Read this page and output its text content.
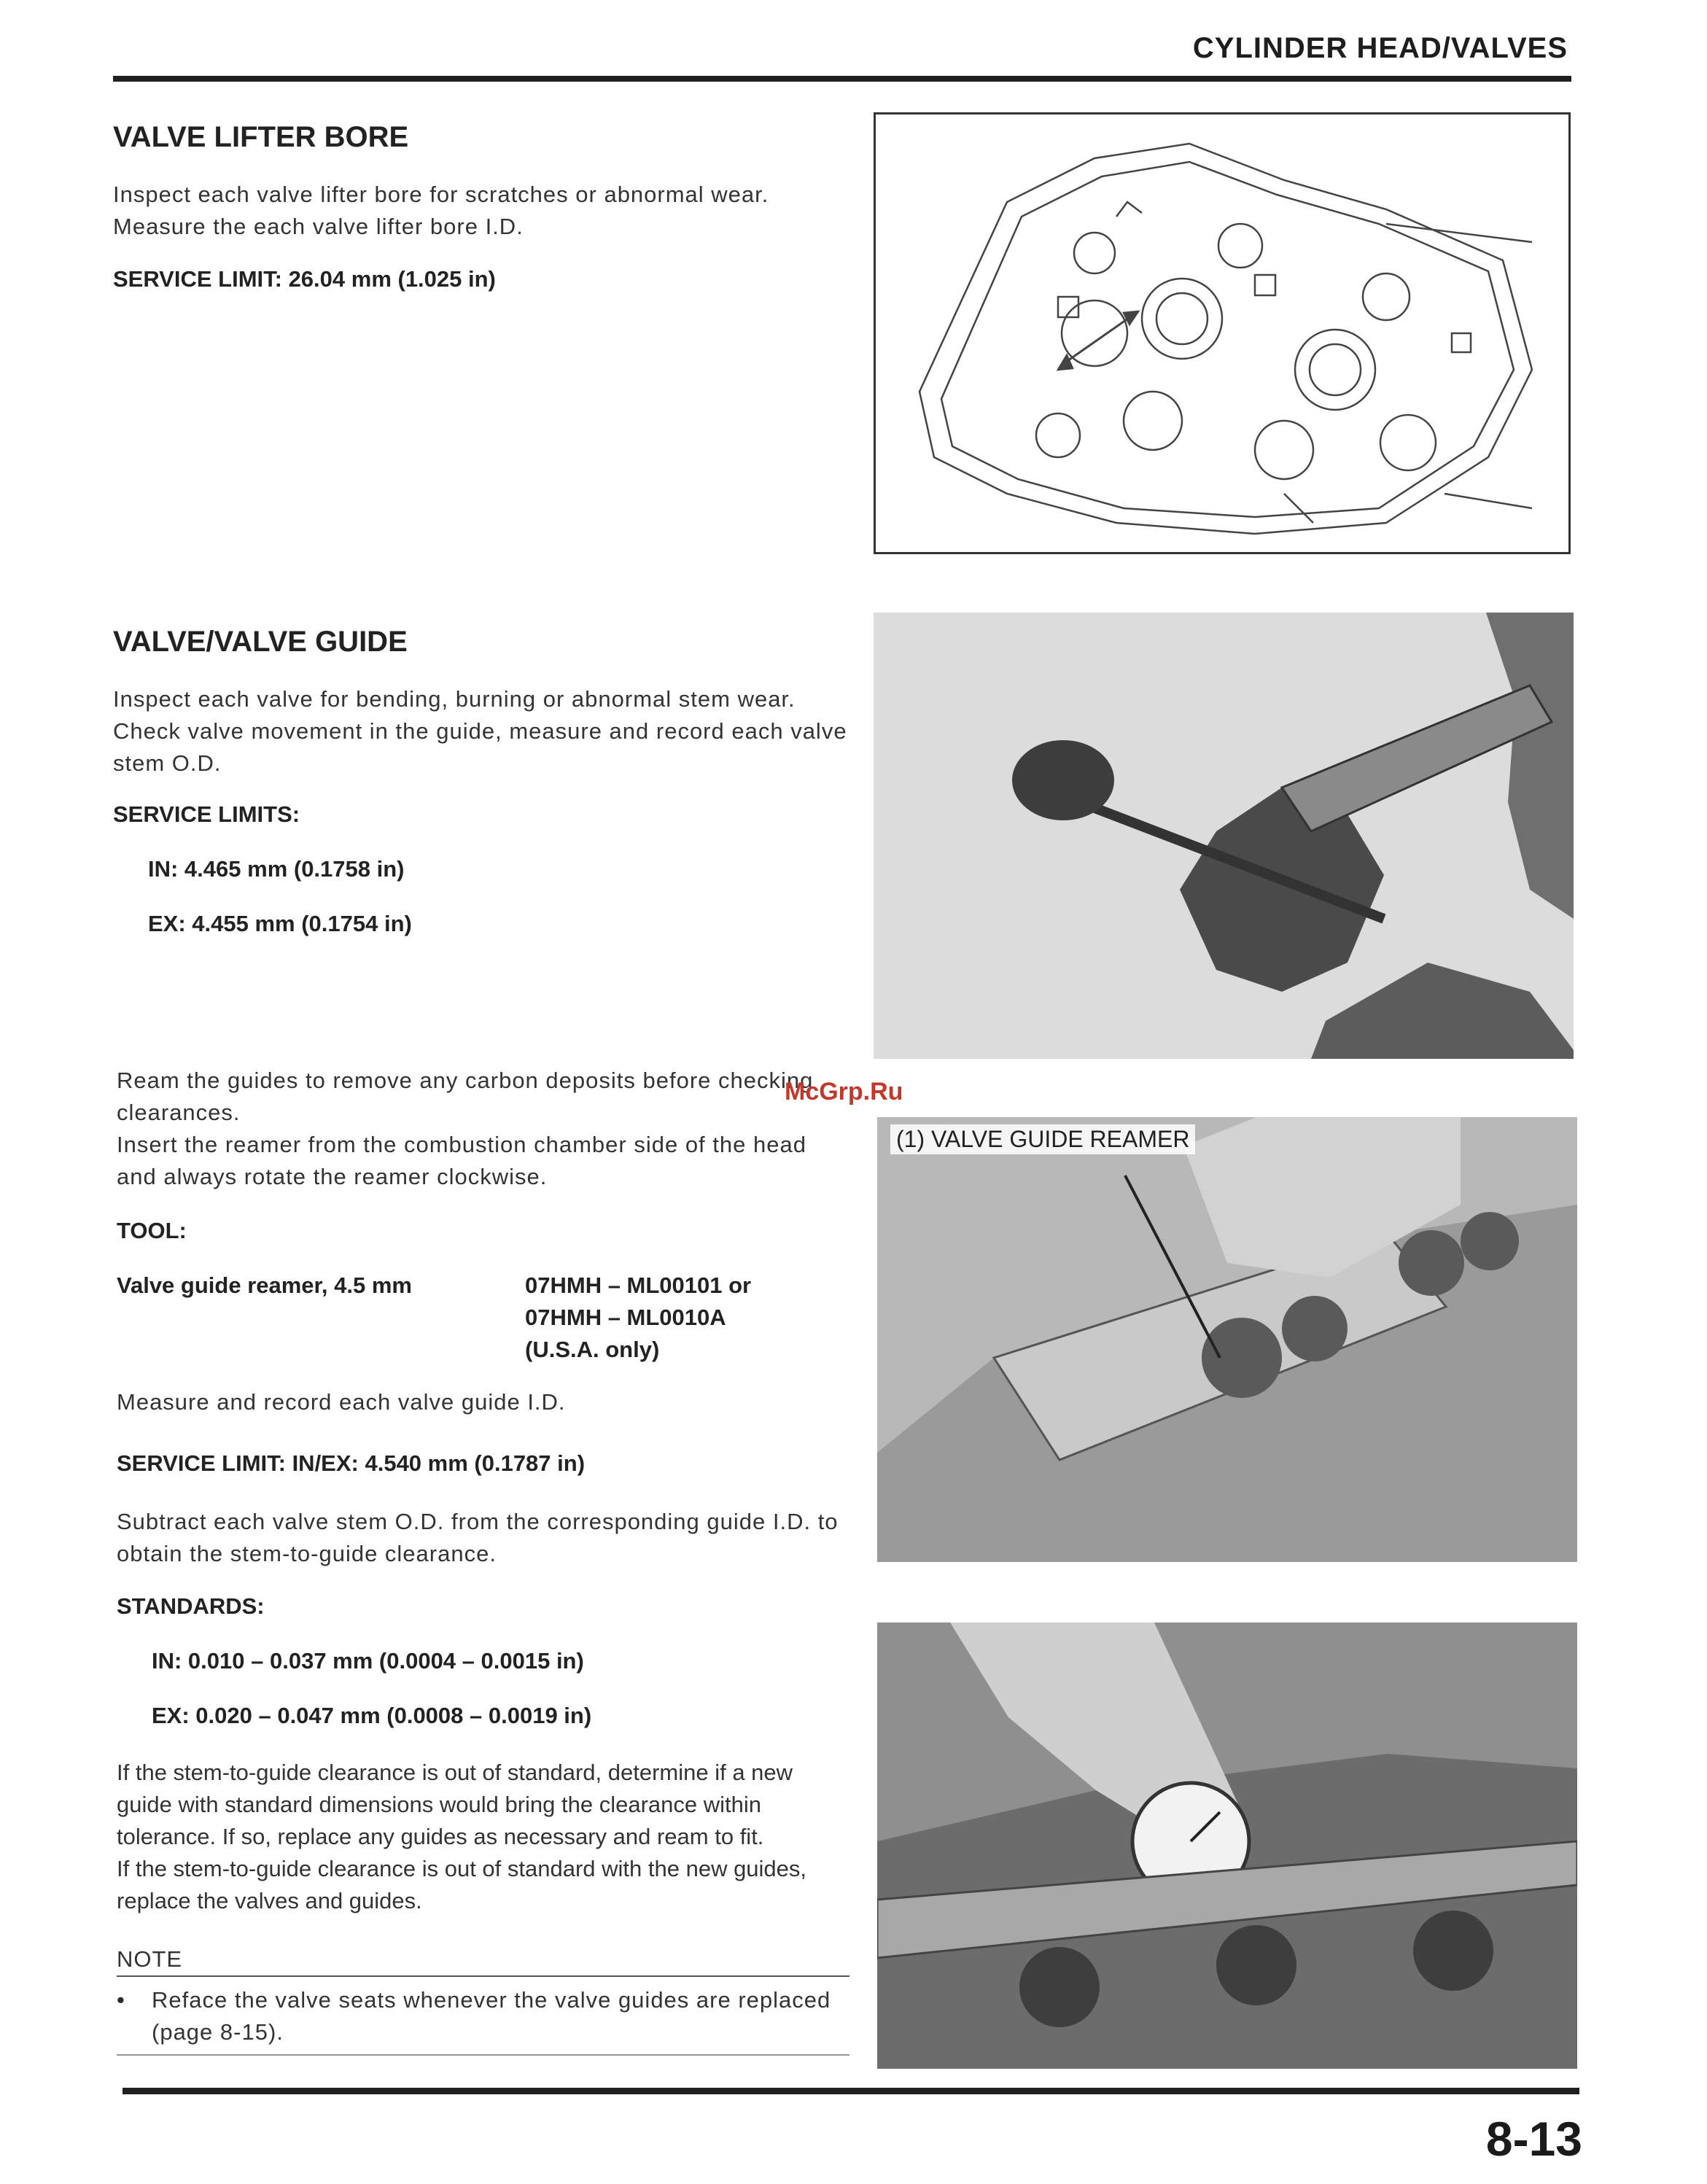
CYLINDER HEAD/VALVES
VALVE LIFTER BORE

Inspect each valve lifter bore for scratches or abnormal wear.

Measure the each valve lifter bore I.D.

SERVICE LIMIT: 26.04 mm (1.025 in)

VALVE/VALVE GUIDE

Inspect each valve for bending, burning or abnormal stem wear.

Check valve movement in the guide, measure and record each valve stem O.D.

SERVICE LIMITS:

IN: 4.465 mm (0.1758 in)

EX: 4.455 mm (0.1754 in)

Ream the guides to remove any carbon deposits before checking clearances.

Insert the reamer from the combustion chamber side of the head and always rotate the reamer clockwise.

TOOL:

Valve guide reamer, 4.5 mm	07HMH – ML00101 or
07HMH – ML0010A
(U.S.A. only)

Measure and record each valve guide I.D.

SERVICE LIMIT: IN/EX: 4.540 mm (0.1787 in)

Subtract each valve stem O.D. from the corresponding guide I.D. to obtain the stem-to-guide clearance.

STANDARDS:

IN: 0.010 – 0.037 mm (0.0004 – 0.0015 in)

EX: 0.020 – 0.047 mm (0.0008 – 0.0019 in)

If the stem-to-guide clearance is out of standard, determine if a new guide with standard dimensions would bring the clearance within tolerance. If so, replace any guides as necessary and ream to fit.

If the stem-to-guide clearance is out of standard with the new guides, replace the valves and guides.

NOTE

•	Reface the valve seats whenever the valve guides are replaced (page 8-15).

(1) VALVE GUIDE REAMER
McGrp.Ru
8-13
